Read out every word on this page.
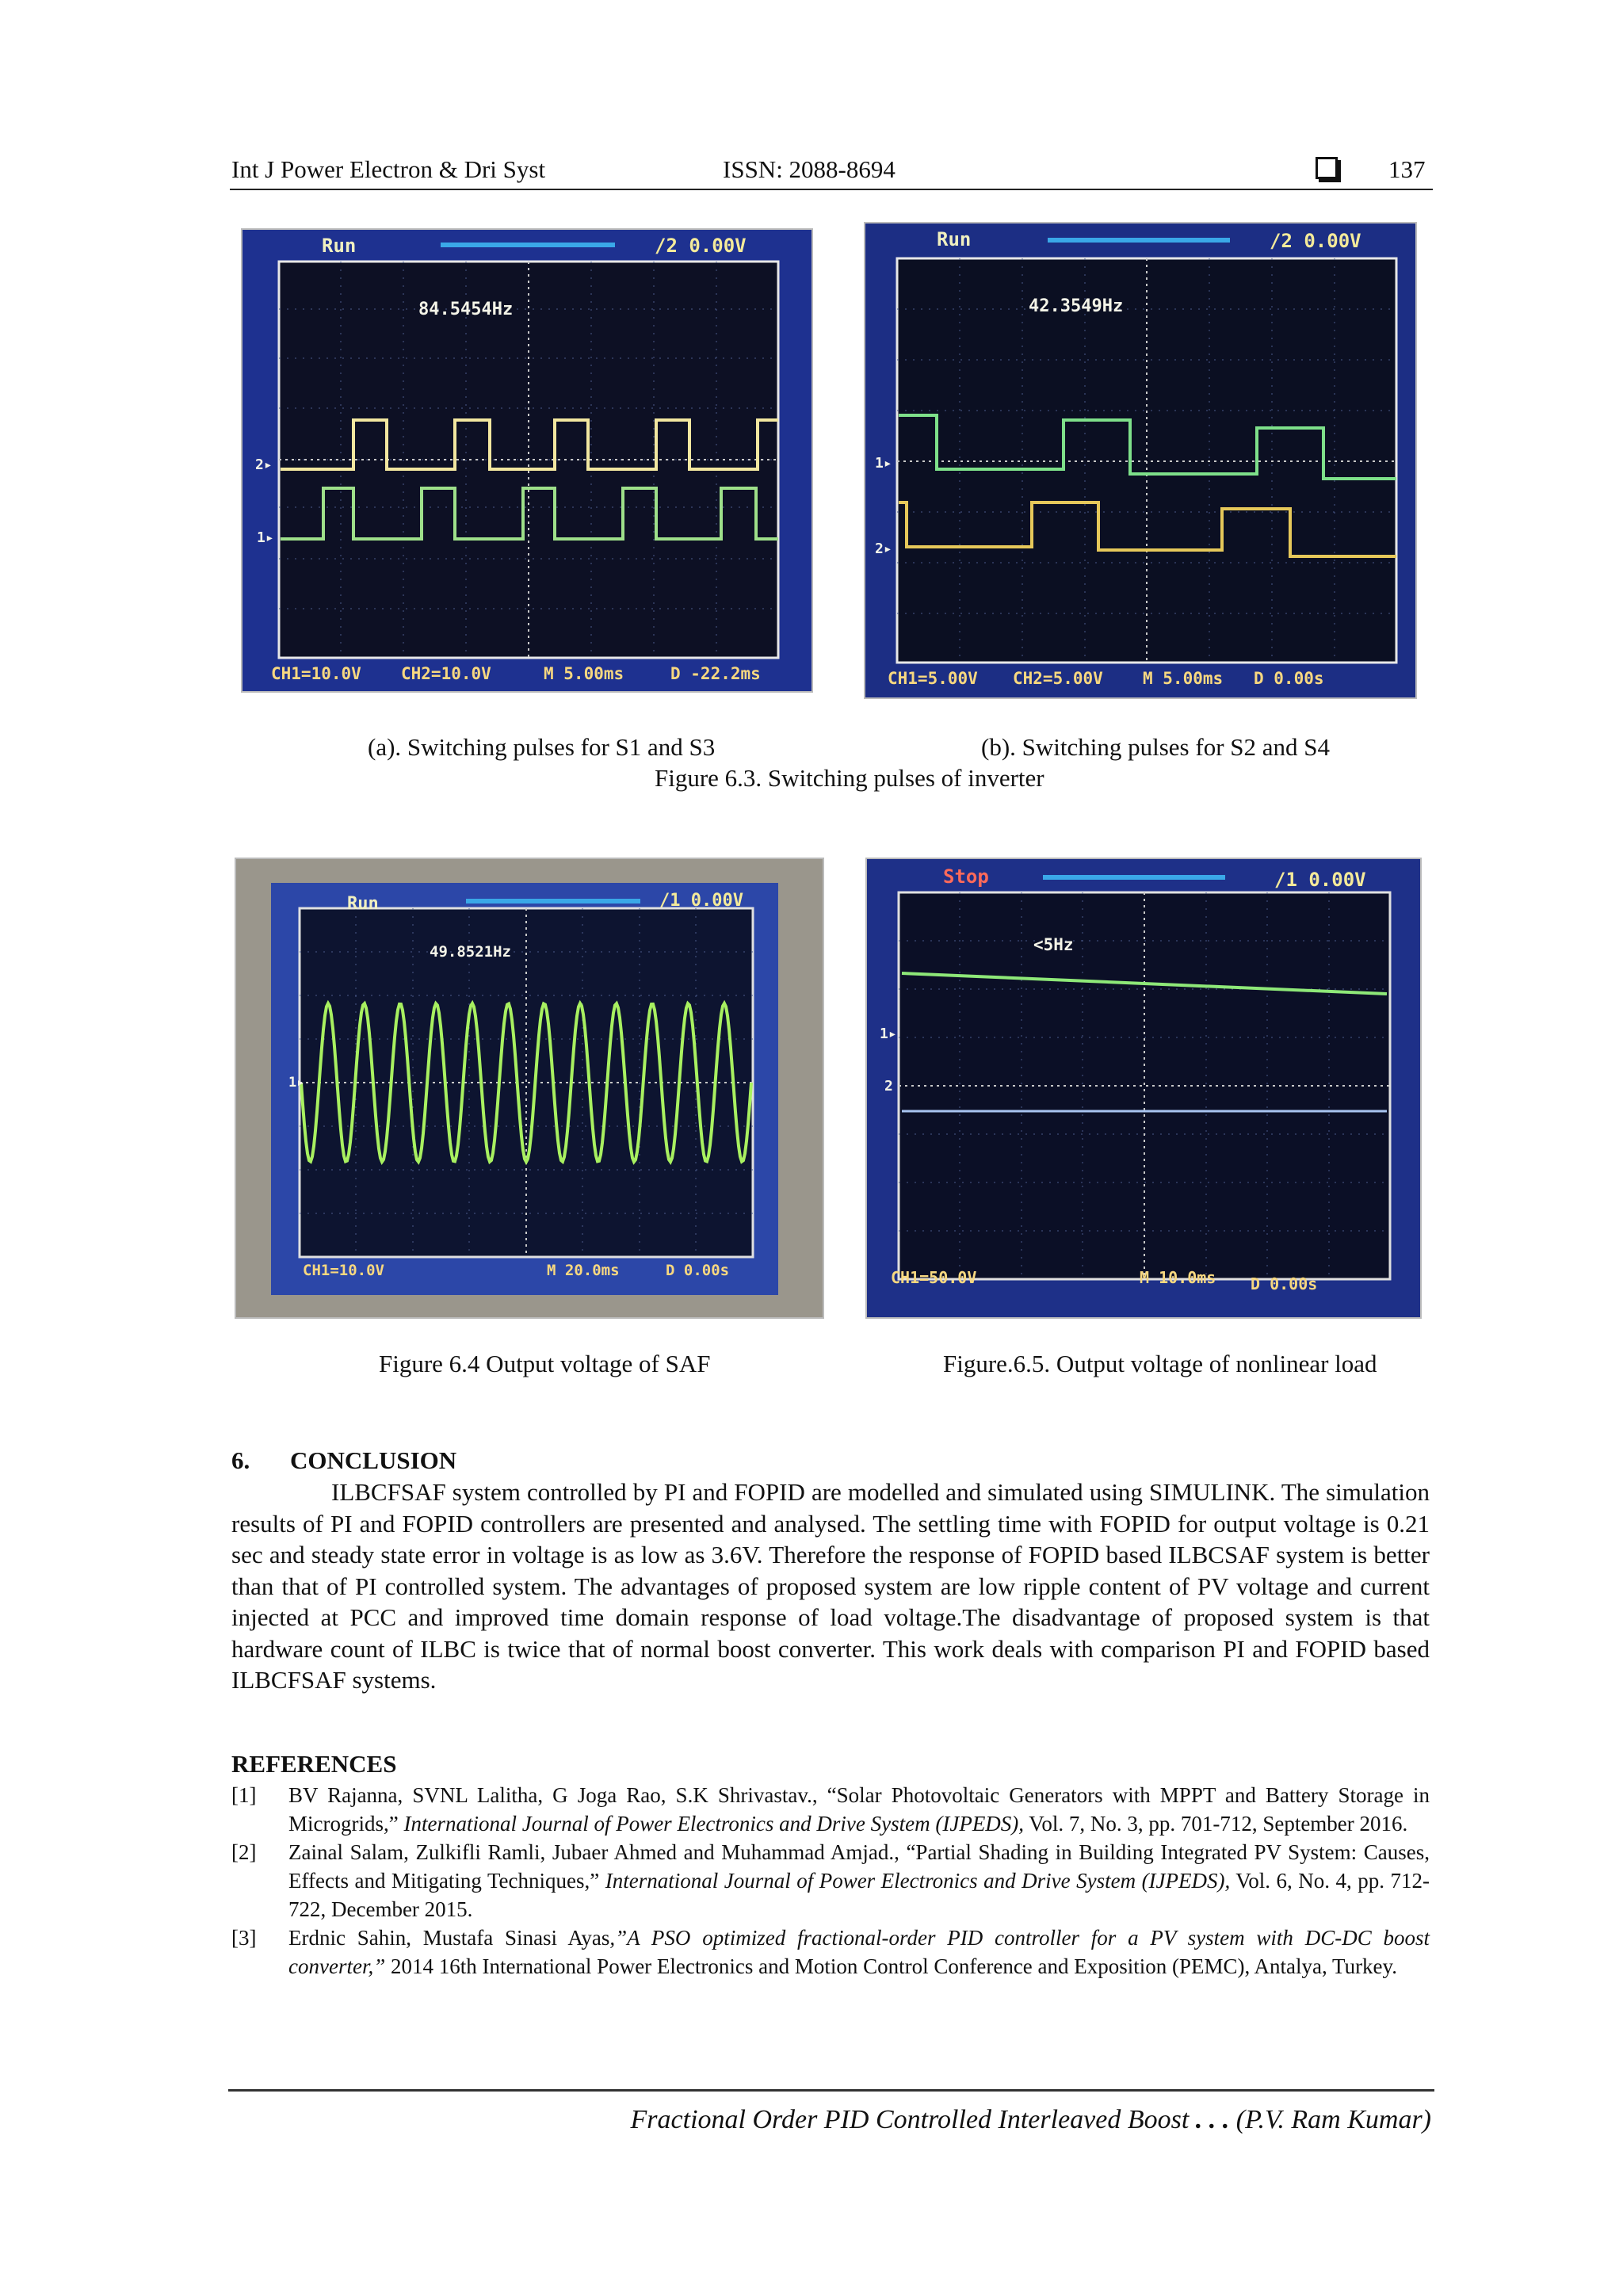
Int J Power Electron & Dri Syst	ISSN: 2088-8694	137
Run	/2 0.00V
84.5454Hz
2▸
1▸
CH1=10.0V CH2=10.0V	M 5.00ms	D -22.2ms
Run	/2 0.00V
42.3549Hz
1▸
2▸
CH1=5.00V CH2=5.00V M 5.00ms D 0.00s
(a). Switching pulses for S1 and S3	(b). Switching pulses for S2 and S4
Figure 6.3. Switching pulses of inverter
Run	/1 0.00V
49.8521Hz
1▸
CH1=10.0V	M 20.0ms	D 0.00s
Stop	/1 0.00V
<5Hz
1▸
2
CH1=50.0V	M 10.0ms D 0.00s
Figure 6.4 Output voltage of SAF	Figure.6.5. Output voltage of nonlinear load
6. CONCLUSION
ILBCFSAF system controlled by PI and FOPID are modelled and simulated using SIMULINK. The simulation results of PI and FOPID controllers are presented and analysed. The settling time with FOPID for output voltage is 0.21 sec and steady state error in voltage is as low as 3.6V. Therefore the response of FOPID based ILBCSAF system is better than that of PI controlled system. The advantages of proposed system are low ripple content of PV voltage and current injected at PCC and improved time domain response of load voltage.The disadvantage of proposed system is that hardware count of ILBC is twice that of normal boost converter. This work deals with comparison PI and FOPID based ILBCFSAF systems.
REFERENCES
[1]	BV Rajanna, SVNL Lalitha, G Joga Rao, S.K Shrivastav., “Solar Photovoltaic Generators with MPPT and Battery Storage in Microgrids,” International Journal of Power Electronics and Drive System (IJPEDS), Vol. 7, No. 3, pp. 701-712, September 2016.
[2]	Zainal Salam, Zulkifli Ramli, Jubaer Ahmed and Muhammad Amjad., “Partial Shading in Building Integrated PV System: Causes, Effects and Mitigating Techniques,” International Journal of Power Electronics and Drive System (IJPEDS), Vol. 6, No. 4, pp. 712-722, December 2015.
[3]	Erdnic Sahin, Mustafa Sinasi Ayas,”A PSO optimized fractional-order PID controller for a PV system with DC-DC boost converter,” 2014 16th International Power Electronics and Motion Control Conference and Exposition (PEMC), Antalya, Turkey.
Fractional Order PID Controlled Interleaved Boost . . . (P.V. Ram Kumar)
